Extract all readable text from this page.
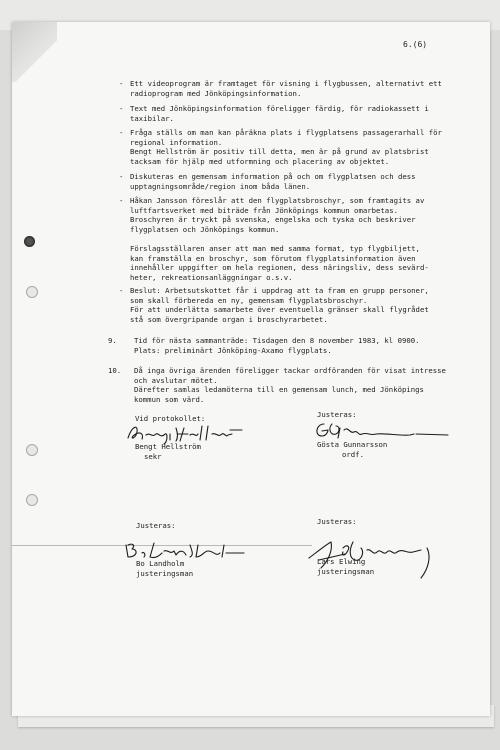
6.(6)
- Ett videoprogram är framtaget för visning i flygbussen, alternativt ett
radioprogram med Jönköpingsinformation.
- Text med Jönköpingsinformation föreligger färdig, för radiokassett i
taxibilar.
- Fråga ställs om man kan påräkna plats i flygplatsens passagerarhall för
regional information.
Bengt Hellström är positiv till detta, men är på grund av platsbrist
tacksam för hjälp med utformning och placering av objektet.
- Diskuteras en gemensam information på och om flygplatsen och dess
upptagningsområde/region inom båda länen.
- Håkan Jansson föreslår att den flygplatsbroschyr, som framtagits av
luftfartsverket med biträde från Jönköpings kommun omarbetas.
Broschyren är tryckt på svenska, engelska och tyska och beskriver
flygplatsen och Jönköpings kommun.

Förslagsställaren anser att man med samma format, typ flygbiljett,
kan framställa en broschyr, som förutom flygplatsinformation även
innehåller uppgifter om hela regionen, dess näringsliv, dess sevärd-
heter, rekreationsanläggningar o.s.v.
- Beslut: Arbetsutskottet får i uppdrag att ta fram en grupp personer,
som skall förbereda en ny, gemensam flygplatsbroschyr.
För att underlätta samarbete över eventuella gränser skall flygrådet
stå som övergripande organ i broschyrarbetet.
9. Tid för nästa sammanträde: Tisdagen den 8 november 1983, kl 0900.
Plats: preliminärt Jönköping-Axamo flygplats.
10. Då inga övriga ärenden föreligger tackar ordföranden för visat intresse
och avslutar mötet.
Därefter samlas ledamöterna till en gemensam lunch, med Jönköpings
kommun som värd.
Vid protokollet:
Bengt Hellström
sekr
Justeras:
Gösta Gunnarsson
ordf.
Justeras:
Bo Landholm
justeringsman
Justeras:
Lars Elwing
justeringsman
